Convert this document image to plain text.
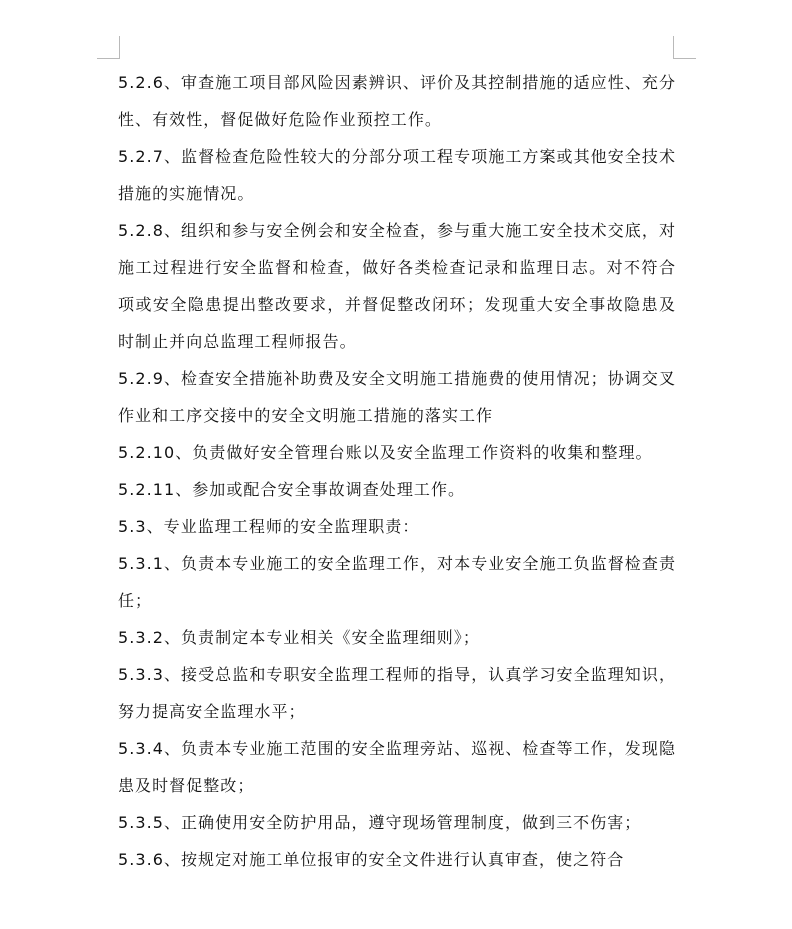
5.2.6、审查施工项目部风险因素辨识、评价及其控制措施的适应性、充分性、有效性，督促做好危险作业预控工作。

5.2.7、监督检查危险性较大的分部分项工程专项施工方案或其他安全技术措施的实施情况。

5.2.8、组织和参与安全例会和安全检查，参与重大施工安全技术交底，对施工过程进行安全监督和检查，做好各类检查记录和监理日志。对不符合项或安全隐患提出整改要求，并督促整改闭环；发现重大安全事故隐患及时制止并向总监理工程师报告。

5.2.9、检查安全措施补助费及安全文明施工措施费的使用情况；协调交叉作业和工序交接中的安全文明施工措施的落实工作

5.2.10、负责做好安全管理台账以及安全监理工作资料的收集和整理。

5.2.11、参加或配合安全事故调查处理工作。

5.3、专业监理工程师的安全监理职责：

5.3.1、负责本专业施工的安全监理工作，对本专业安全施工负监督检查责任；

5.3.2、负责制定本专业相关《安全监理细则》；

5.3.3、接受总监和专职安全监理工程师的指导，认真学习安全监理知识，努力提高安全监理水平；

5.3.4、负责本专业施工范围的安全监理旁站、巡视、检查等工作，发现隐患及时督促整改；

5.3.5、正确使用安全防护用品，遵守现场管理制度，做到三不伤害；

5.3.6、按规定对施工单位报审的安全文件进行认真审查，使之符合
